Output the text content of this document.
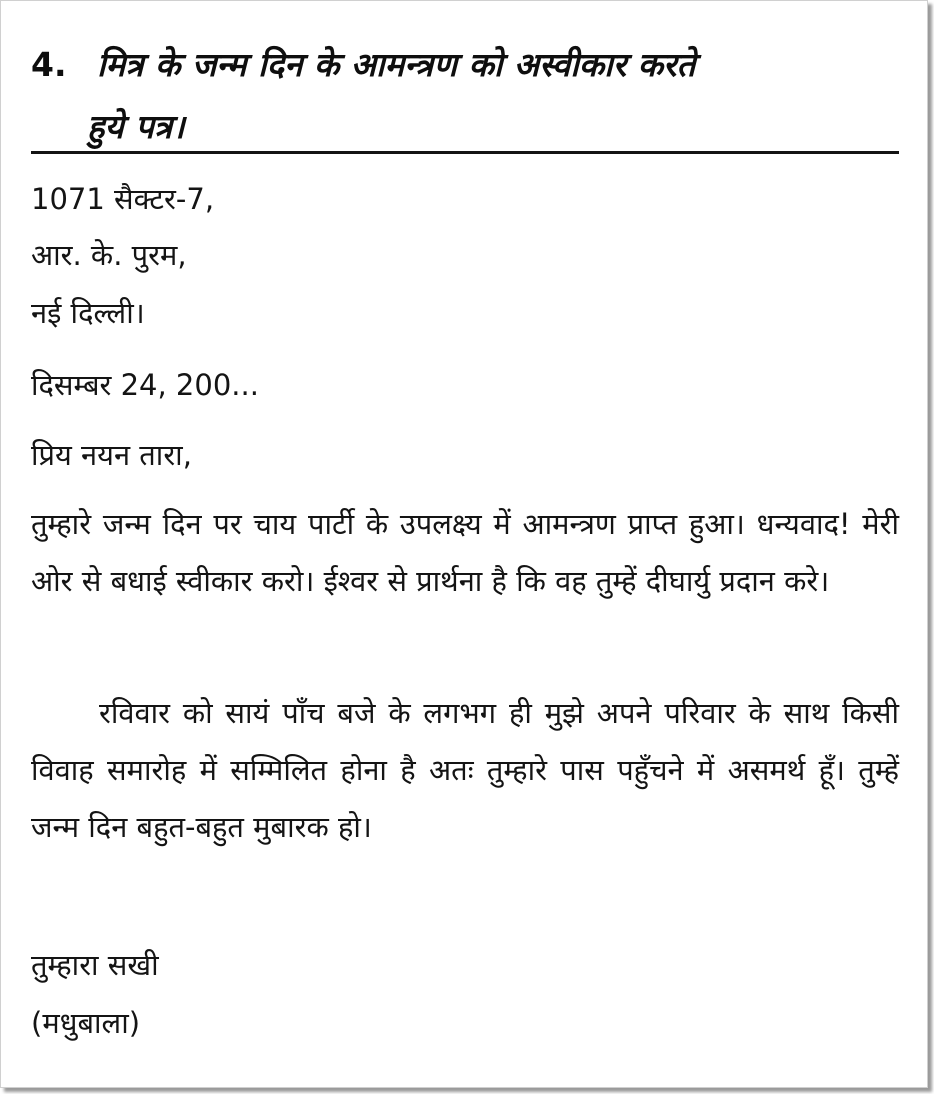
4. मित्र के जन्म दिन के आमन्त्रण को अस्वीकार करते
हुये पत्र।
1071 सैक्टर-7,
आर. के. पुरम,
नई दिल्ली।
दिसम्बर 24, 200...
प्रिय नयन तारा,
तुम्हारे जन्म दिन पर चाय पार्टी के उपलक्ष्य में आमन्त्रण प्राप्त हुआ। धन्यवाद! मेरी ओर से बधाई स्वीकार करो। ईश्वर से प्रार्थना है कि वह तुम्हें दीघार्यु प्रदान करे।
रविवार को सायं पाँच बजे के लगभग ही मुझे अपने परिवार के साथ किसी विवाह समारोह में सम्मिलित होना है अतः तुम्हारे पास पहुँचने में असमर्थ हूँ। तुम्हें जन्म दिन बहुत-बहुत मुबारक हो।
तुम्हारा सखी
(मधुबाला)
